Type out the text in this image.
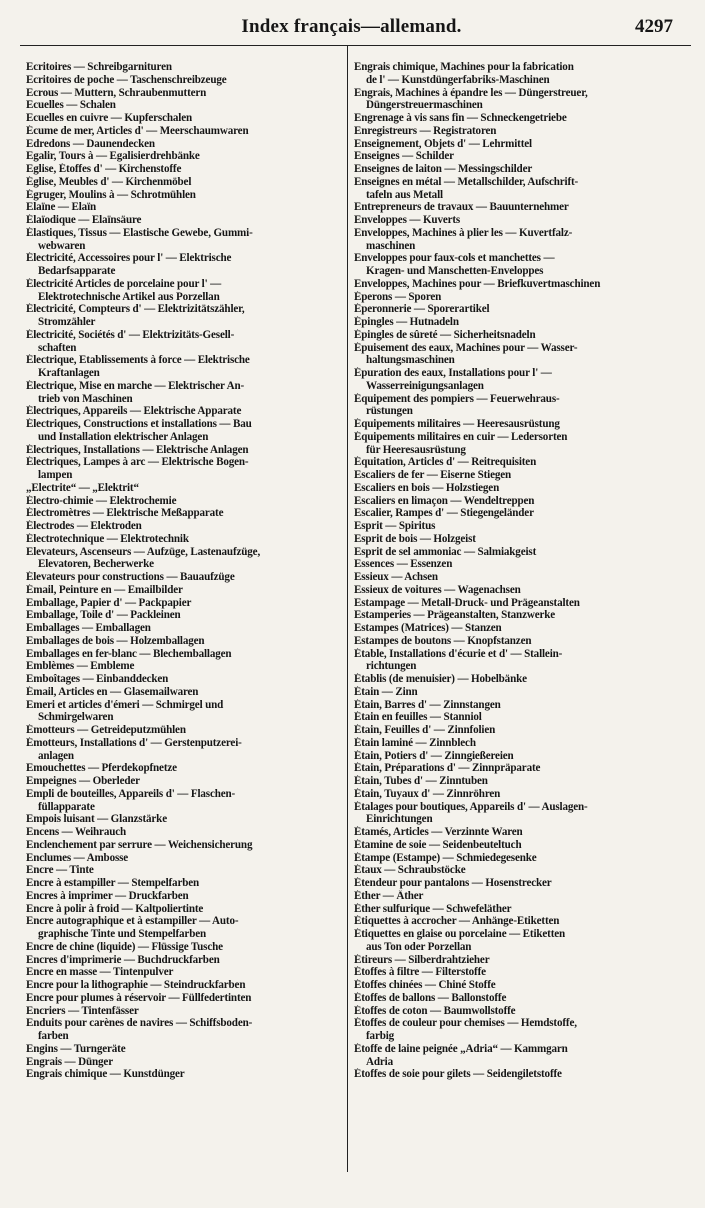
Index français—allemand.	4297
Ecritoires — Schreibgarnituren
Ecritoires de poche — Taschenschreibzeuge
Ecrous — Muttern, Schraubenmuttern
Ecuelles — Schalen
Ecuelles en cuivre — Kupferschalen
Écume de mer, Articles d' — Meerschaumwaren
Edredons — Daunendecken
Egalir, Tours à — Egalisierdrehbänke
Eglise, Étoffes d' — Kirchenstoffe
Église, Meubles d' — Kirchenmöbel
Égruger, Moulins à — Schrotmühlen
Elaïne — Elaïn
Élaïodique — Elaïnsäure
Élastiques, Tissus — Elastische Gewebe, Gummi-
webwaren
Électricité, Accessoires pour l' — Elektrische
Bedarfsapparate
Électricité Articles de porcelaine pour l' —
Elektrotechnische Artikel aus Porzellan
Électricité, Compteurs d' — Elektrizitätszähler,
Stromzähler
Électricité, Sociétés d' — Elektrizitäts-Gesell-
schaften
Électrique, Etablissements à force — Elektrische
Kraftanlagen
Électrique, Mise en marche — Elektrischer An-
trieb von Maschinen
Électriques, Appareils — Elektrische Apparate
Électriques, Constructions et installations — Bau
und Installation elektrischer Anlagen
Électriques, Installations — Elektrische Anlagen
Électriques, Lampes à arc — Elektrische Bogen-
lampen
„Electrite“ — „Elektrit“
Électro-chimie — Elektrochemie
Électromètres — Elektrische Meßapparate
Électrodes — Elektroden
Électrotechnique — Elektrotechnik
Elevateurs, Ascenseurs — Aufzüge, Lastenaufzüge,
Elevatoren, Becherwerke
Élevateurs pour constructions — Bauaufzüge
Émail, Peinture en — Emailbilder
Emballage, Papier d' — Packpapier
Emballage, Toile d' — Packleinen
Emballages — Emballagen
Emballages de bois — Holzemballagen
Emballages en fer-blanc — Blechemballagen
Emblèmes — Embleme
Emboîtages — Einbanddecken
Émail, Articles en — Glasemailwaren
Emeri et articles d'émeri — Schmirgel und
Schmirgelwaren
Émotteurs — Getreideputzmühlen
Émotteurs, Installations d' — Gerstenputzerei-
anlagen
Emouchettes — Pferdekopfnetze
Empeignes — Oberleder
Empli de bouteilles, Appareils d' — Flaschen-
füllapparate
Empois luisant — Glanzstärke
Encens — Weihrauch
Enclenchement par serrure — Weichensicherung
Enclumes — Ambosse
Encre — Tinte
Encre à estampiller — Stempelfarben
Encres à imprimer — Druckfarben
Encre à polir à froid — Kaltpoliertinte
Encre autographique et à estampiller — Auto-
graphische Tinte und Stempelfarben
Encre de chine (liquide) — Flüssige Tusche
Encres d'imprimerie — Buchdruckfarben
Encre en masse — Tintenpulver
Encre pour la lithographie — Steindruckfarben
Encre pour plumes à réservoir — Füllfedertinten
Encriers — Tintenfässer
Enduits pour carènes de navires — Schiffsboden-
farben
Engins — Turngeräte
Engrais — Dünger
Engrais chimique — Kunstdünger
Engrais chimique, Machines pour la fabrication
de l' — Kunstdüngerfabriks-Maschinen
Engrais, Machines à épandre les — Düngerstreuer,
Düngerstreuermaschinen
Engrenage à vis sans fin — Schneckengetriebe
Enregistreurs — Registratoren
Enseignement, Objets d' — Lehrmittel
Enseignes — Schilder
Enseignes de laiton — Messingschilder
Enseignes en métal — Metallschilder, Aufschrift-
tafeln aus Metall
Entrepreneurs de travaux — Bauunternehmer
Enveloppes — Kuverts
Enveloppes, Machines à plier les — Kuvertfalz-
maschinen
Enveloppes pour faux-cols et manchettes —
Kragen- und Manschetten-Enveloppes
Enveloppes, Machines pour — Briefkuvertmaschinen
Éperons — Sporen
Éperonnerie — Sporerartikel
Épingles — Hutnadeln
Épingles de sûreté — Sicherheitsnadeln
Épuisement des eaux, Machines pour — Wasser-
haltungsmaschinen
Épuration des eaux, Installations pour l' —
Wasserreinigungsanlagen
Équipement des pompiers — Feuerwehraus-
rüstungen
Équipements militaires — Heeresausrüstung
Équipements militaires en cuir — Ledersorten
für Heeresausrüstung
Équitation, Articles d' — Reitrequisiten
Escaliers de fer — Eiserne Stiegen
Escaliers en bois — Holzstiegen
Escaliers en limaçon — Wendeltreppen
Escalier, Rampes d' — Stiegengeländer
Esprit — Spiritus
Esprit de bois — Holzgeist
Esprit de sel ammoniac — Salmiakgeist
Essences — Essenzen
Essieux — Achsen
Essieux de voitures — Wagenachsen
Estampage — Metall-Druck- und Prägeanstalten
Estamperies — Prägeanstalten, Stanzwerke
Estampes (Matrices) — Stanzen
Estampes de boutons — Knopfstanzen
Étable, Installations d'écurie et d' — Stallein-
richtungen
Établis (de menuisier) — Hobelbänke
Étain — Zinn
Étain, Barres d' — Zinnstangen
Étain en feuilles — Stanniol
Étain, Feuilles d' — Zinnfolien
Étain laminé — Zinnblech
Étain, Potiers d' — Zinngießereien
Étain, Préparations d' — Zinnpräparate
Étain, Tubes d' — Zinntuben
Étain, Tuyaux d' — Zinnröhren
Étalages pour boutiques, Appareils d' — Auslagen-
Einrichtungen
Étamés, Articles — Verzinnte Waren
Étamine de soie — Seidenbeuteltuch
Étampe (Estampe) — Schmiedegesenke
Étaux — Schraubstöcke
Étendeur pour pantalons — Hosenstrecker
Éther — Äther
Éther sulfurique — Schwefeläther
Étiquettes à accrocher — Anhänge-Etiketten
Étiquettes en glaise ou porcelaine — Etiketten
aus Ton oder Porzellan
Étireurs — Silberdrahtzieher
Étoffes à filtre — Filterstoffe
Étoffes chinées — Chiné Stoffe
Étoffes de ballons — Ballonstoffe
Étoffes de coton — Baumwollstoffe
Étoffes de couleur pour chemises — Hemdstoffe,
farbig
Étoffe de laine peignée „Adria“ — Kammgarn
Adria
Étoffes de soie pour gilets — Seidengiletstoffe
